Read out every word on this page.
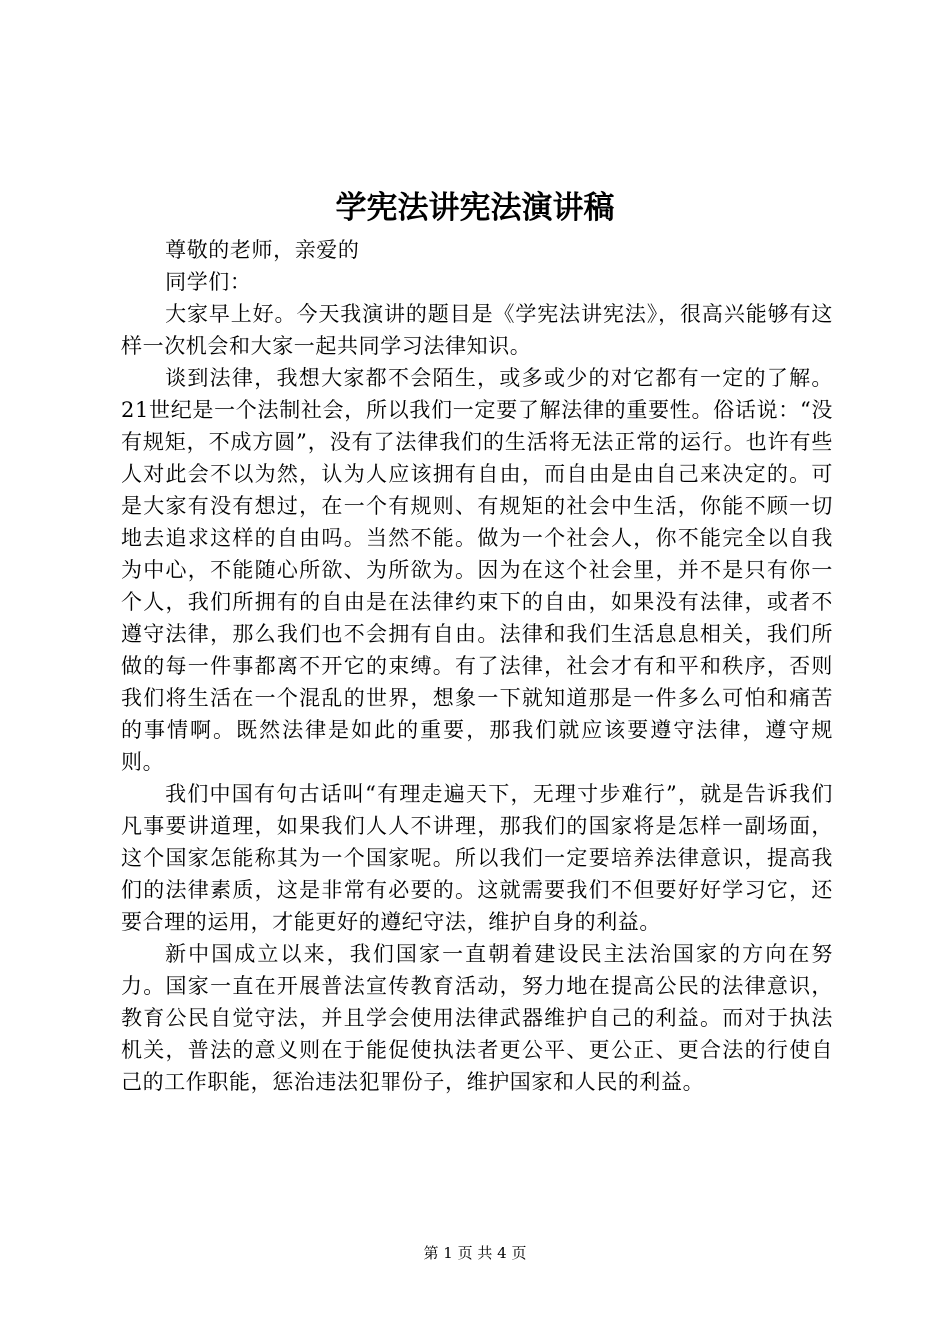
学宪法讲宪法演讲稿

尊敬的老师，亲爱的

同学们：

大家早上好。今天我演讲的题目是《学宪法讲宪法》，很高兴能够有这样一次机会和大家一起共同学习法律知识。

谈到法律，我想大家都不会陌生，或多或少的对它都有一定的了解。21世纪是一个法制社会，所以我们一定要了解法律的重要性。俗话说：“没有规矩，不成方圆”，没有了法律我们的生活将无法正常的运行。也许有些人对此会不以为然，认为人应该拥有自由，而自由是由自己来决定的。可是大家有没有想过，在一个有规则、有规矩的社会中生活，你能不顾一切地去追求这样的自由吗。当然不能。做为一个社会人，你不能完全以自我为中心，不能随心所欲、为所欲为。因为在这个社会里，并不是只有你一个人，我们所拥有的自由是在法律约束下的自由，如果没有法律，或者不遵守法律，那么我们也不会拥有自由。法律和我们生活息息相关，我们所做的每一件事都离不开它的束缚。有了法律，社会才有和平和秩序，否则我们将生活在一个混乱的世界，想象一下就知道那是一件多么可怕和痛苦的事情啊。既然法律是如此的重要，那我们就应该要遵守法律，遵守规则。

我们中国有句古话叫“有理走遍天下，无理寸步难行”，就是告诉我们凡事要讲道理，如果我们人人不讲理，那我们的国家将是怎样一副场面，这个国家怎能称其为一个国家呢。所以我们一定要培养法律意识，提高我们的法律素质，这是非常有必要的。这就需要我们不但要好好学习它，还要合理的运用，才能更好的遵纪守法，维护自身的利益。

新中国成立以来，我们国家一直朝着建设民主法治国家的方向在努力。国家一直在开展普法宣传教育活动，努力地在提高公民的法律意识，教育公民自觉守法，并且学会使用法律武器维护自己的利益。而对于执法机关，普法的意义则在于能促使执法者更公平、更公正、更合法的行使自己的工作职能，惩治违法犯罪份子，维护国家和人民的利益。

第 1 页 共 4 页
